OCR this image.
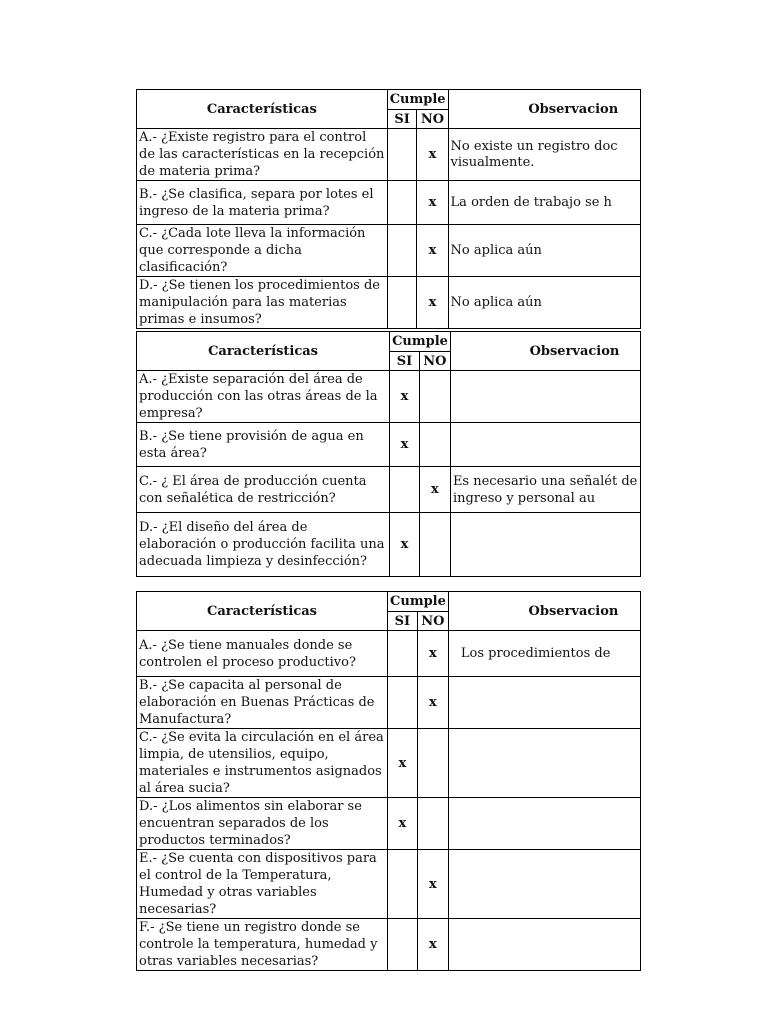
Características	Cumple		Observacion
	SI	NO	
A.- ¿Existe registro para el control de las características en la recepción de materia prima?		x	No existe un registro doc visualmente.
B.- ¿Se clasifica, separa por lotes el ingreso de la materia prima?		x	La orden de trabajo se h
C.- ¿Cada lote lleva la información que corresponde a dicha clasificación?		x	No aplica aún
D.- ¿Se tienen los procedimientos de manipulación para las materias primas e insumos?		x	No aplica aún
Características	Cumple		Observacion
	SI	NO	
A.- ¿Existe separación del área de producción con las otras áreas de la empresa?	x		
B.- ¿Se tiene provisión de agua en esta área?	x		
C.- ¿ El área de producción cuenta con señalética de restricción?		x	Es necesario una señalét de ingreso y personal au
D.- ¿El diseño del área de elaboración o producción facilita una adecuada limpieza y desinfección?	x		
Características	Cumple		Observacion
	SI	NO	
A.- ¿Se tiene manuales donde se controlen el proceso productivo?		x	Los procedimientos de
B.- ¿Se capacita al personal de elaboración en Buenas Prácticas de Manufactura?		x	
C.- ¿Se evita la circulación en el área limpia, de utensilios, equipo, materiales e instrumentos asignados al área sucia?	x		
D.- ¿Los alimentos sin elaborar se encuentran separados de los productos terminados?	x		
E.- ¿Se cuenta con dispositivos para el control de la Temperatura, Humedad y otras variables necesarias?		x	
F.- ¿Se tiene un registro donde se controle la temperatura, humedad y otras variables necesarias?		x	
